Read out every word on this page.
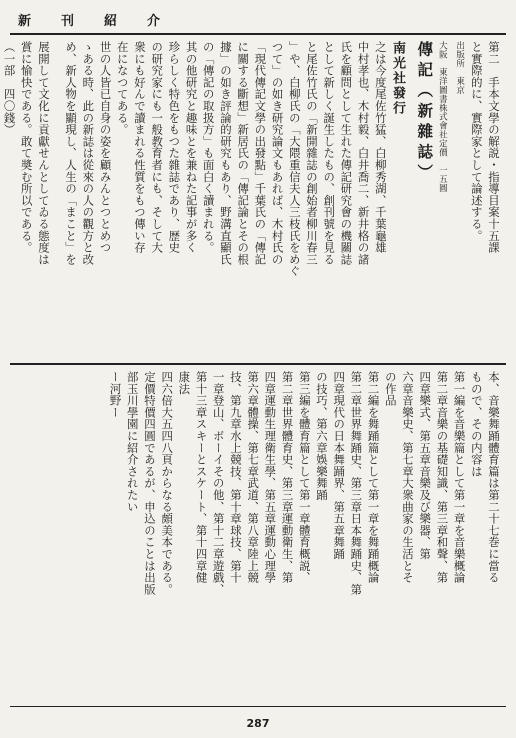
新刊紹介
第二　手本文學の解説・指導目案十五課
と實際的に、實際家として論述する。
出版所　東京
大阪　東洋圖書株式會社定價　一五圓
傳記（新雜誌）
南光社發行
之は今度尾佐竹猛、白柳秀湖、千葉龜雄
中村孝也、木村毅、白井喬二、新井格の諸
氏を顧問として生れた傳記研究會の機關誌
として新しく誕生したもの、創刊號を見る
と尾佐竹氏の「新開雜誌の創始者柳川春三
」や、白柳氏の「大隈重信夫人三枝氏をめぐ
つて」の如き研究論文もあれば、木村氏の
「現代傳記文學の出發點」千葉氏の「傳記
に關する斷想」新居氏の「傳記論とその根
據」の如き評論的研究もあり、野溝直顯氏
の「傳記の取扱方」も面白く讀まれる。
其の他研究と趣味とを兼ねた記事が多く
珍らしく特色をもつた雜誌であり、歴史
の研究家にも一般教育者にも、そして大
衆にも好んで讀まれる性質をもつ傳い存
在になつてある。
世の人皆已自身の姿を顧みんとつとめつ
ゝある時、此の新誌は從來の人の觀方と改
め、新人物を顯現し、人生の「まこと」を
展開して文化に貢獻せんとしてゐる態度は
賞に愉快である。敢て奬む所以である。
（一部　四〇錢）
本、音樂舞踊體育篇は第二十七巻に當る
もので、その内容は
第一編を音樂篇として第一章を音樂概論
第二章音樂の基礎知識、第三章和聲、第
四章樂式、第五章音樂及び樂器、第
六章音樂史、第七章大衆曲家の生活とそ
の作品
第二編を舞踊篇として第一章を舞踊概論
第二章世界舞踊史、第三章日本舞踊史、第
四章現代の日本舞踊界、第五章舞踊
の技巧、第六章娛樂舞踊
第三編を體育篇として第一章體育概説、
第二章世界體育史、第三章運動衛生、第
四章運動生理衛生學、第五章運動心理學
第六章體操、第七章武道、第八章陸上競
技、第九章水上競技、第十章球技、第十
一章登山、ボーイその他、第十二章遊戲、
第十三章スキーとスケート、第十四章健
康法
四六倍大五四八頁からなる頗美本である。
定價特價四圓であるが、申込のことは出版
部玉川學園に紹介されたい
ー河野ー
287
